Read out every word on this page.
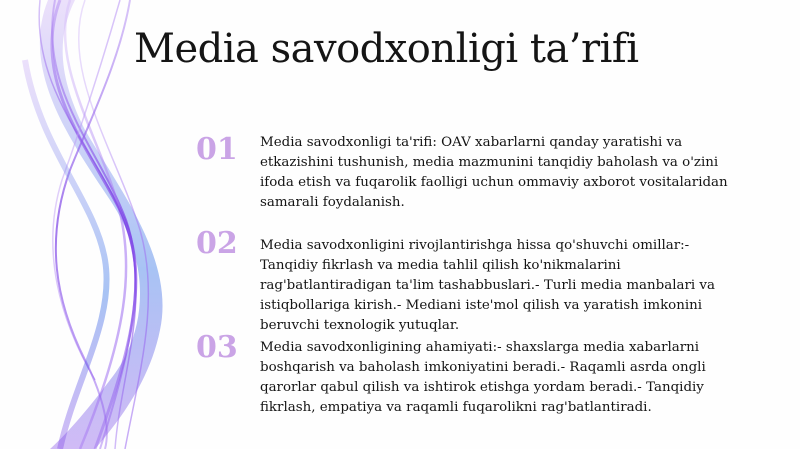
Media savodxonligi ta’rifi
01	Media savodxonligi ta'rifi: OAV xabarlarni qanday yaratishi va etkazishini tushunish, media mazmunini tanqidiy baholash va o'zini ifoda etish va fuqarolik faolligi uchun ommaviy axborot vositalaridan samarali foydalanish.
02	Media savodxonligini rivojlantirishga hissa qo'shuvchi omillar:- Tanqidiy fikrlash va media tahlil qilish ko'nikmalarini rag'batlantiradigan ta'lim tashabbuslari.- Turli media manbalari va istiqbollariga kirish.- Mediani iste'mol qilish va yaratish imkonini beruvchi texnologik yutuqlar.
03	Media savodxonligining ahamiyati:- shaxslarga media xabarlarni boshqarish va baholash imkoniyatini beradi.- Raqamli asrda ongli qarorlar qabul qilish va ishtirok etishga yordam beradi.- Tanqidiy fikrlash, empatiya va raqamli fuqarolikni rag'batlantiradi.
